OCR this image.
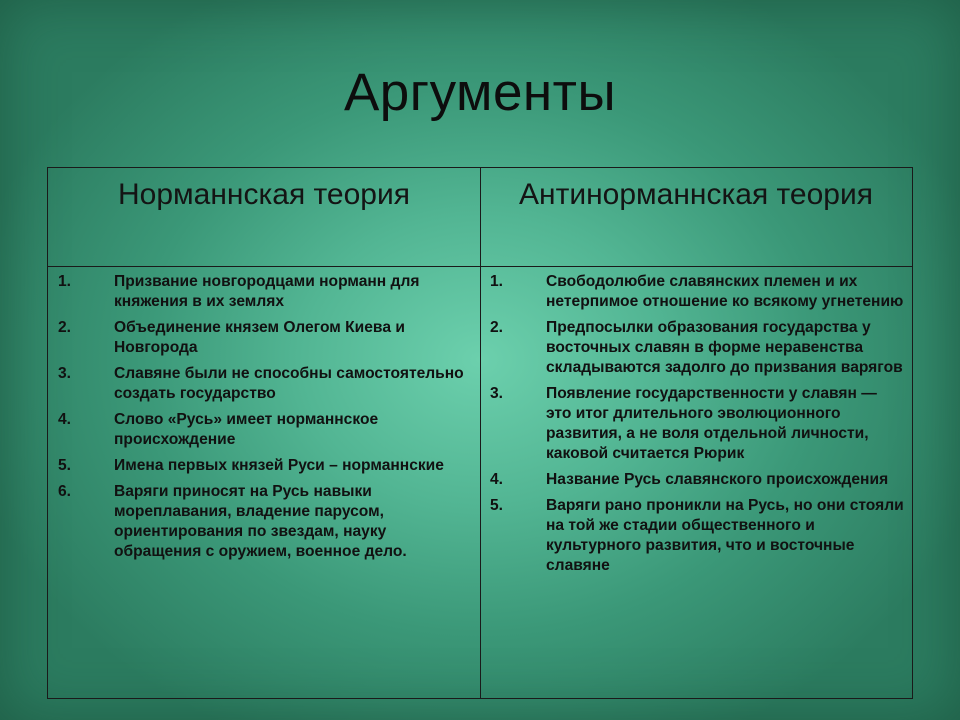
Аргументы
Норманнская теория	Антинорманнская теория
1.	Призвание новгородцами норманн для княжения в их землях
2.	Объединение князем Олегом Киева и Новгорода
3.	Славяне были не способны самостоятельно создать государство
4.	Слово «Русь» имеет норманнское происхождение
5.	Имена первых князей Руси – норманнские
6.	Варяги приносят на Русь навыки мореплавания, владение парусом, ориентирования по звездам, науку обращения с оружием, военное дело.
1.	Свободолюбие славянских племен и их нетерпимое отношение ко всякому угнетению
2.	Предпосылки образования государства у восточных славян в форме неравенства складываются задолго до призвания варягов
3.	Появление государственности у славян — это итог длительного эволюционного развития, а не воля отдельной личности, каковой считается Рюрик
4.	Название Русь славянского происхождения
5.	Варяги рано проникли на Русь, но они стояли на той же стадии общественного и культурного развития, что и восточные славяне
